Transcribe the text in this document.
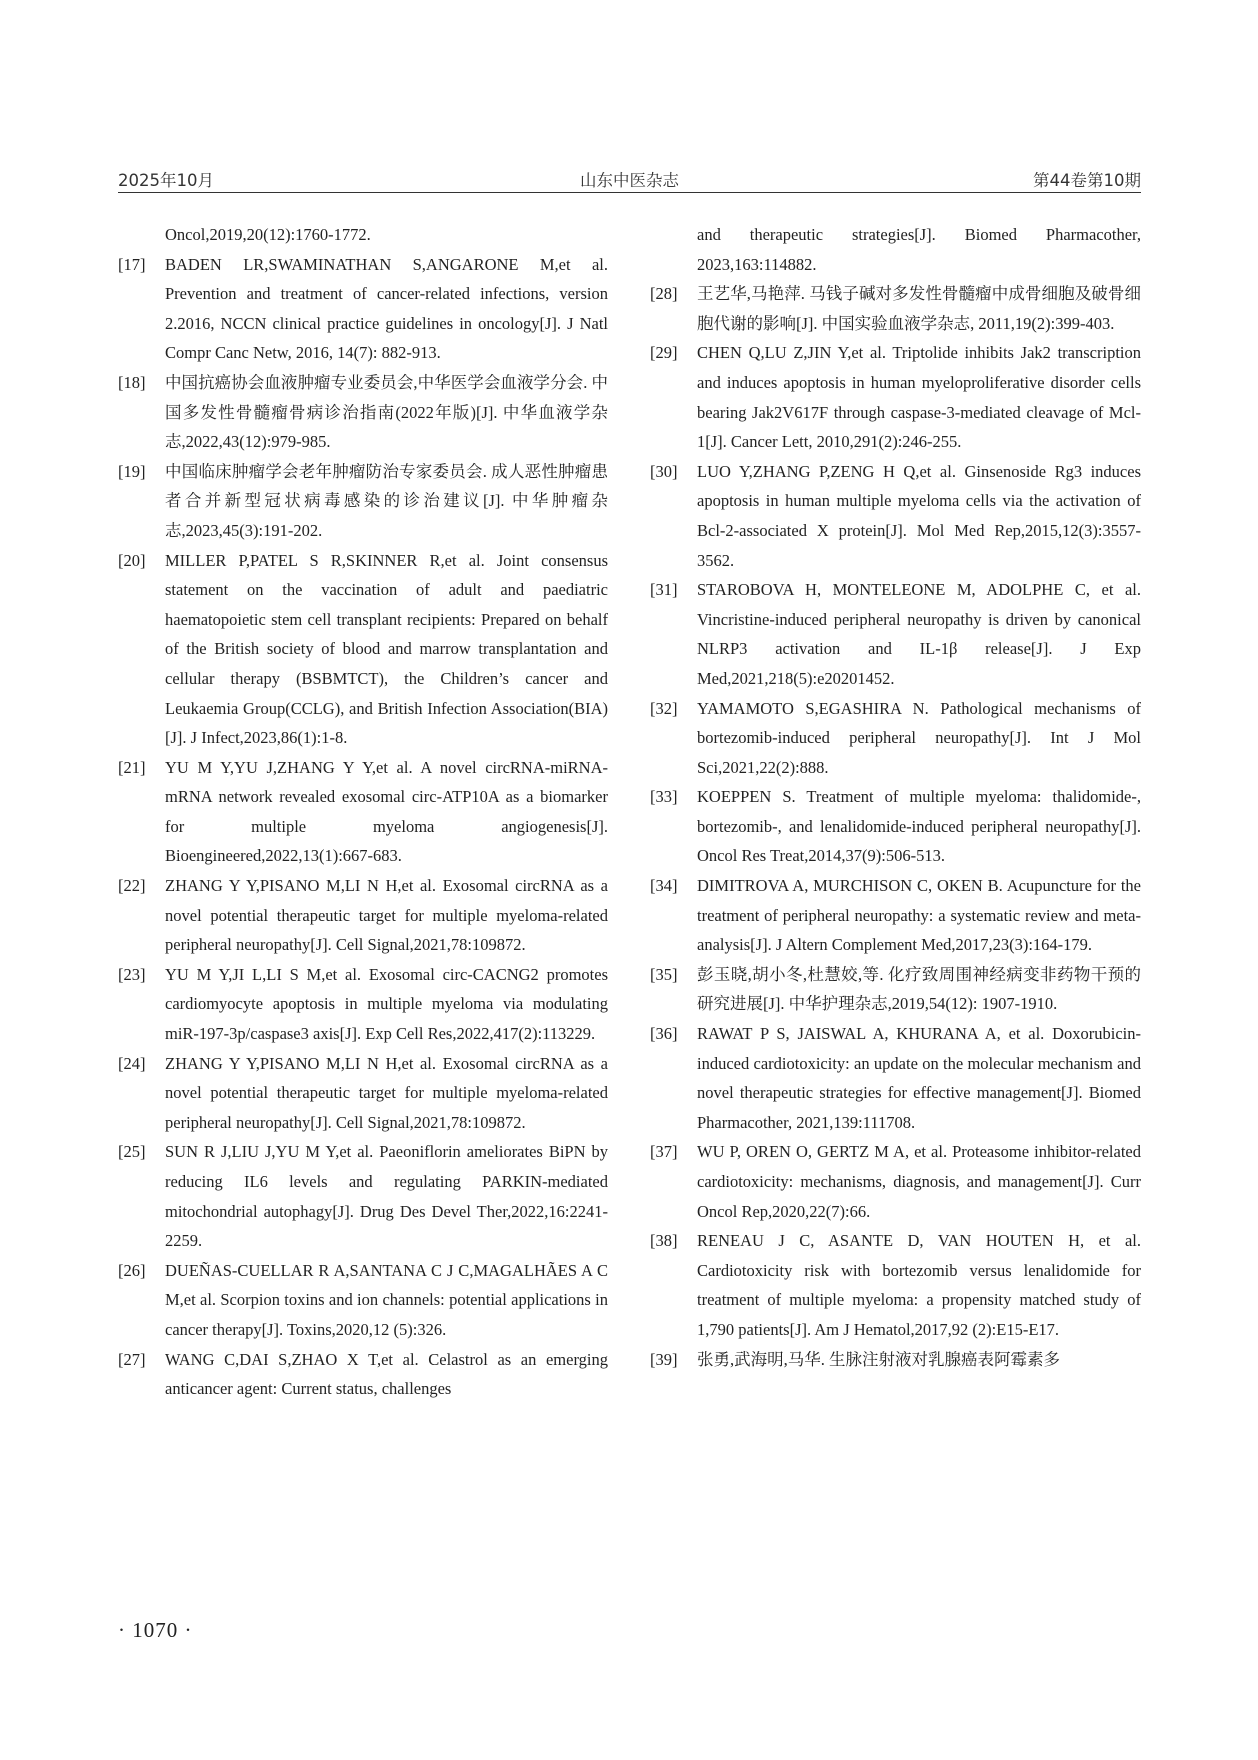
2025年10月	山东中医杂志	第44卷第10期
Oncol,2019,20(12):1760-1772.
[17] BADEN LR,SWAMINATHAN S,ANGARONE M,et al. Prevention and treatment of cancer-related infections, version 2.2016, NCCN clinical practice guidelines in oncology[J]. J Natl Compr Canc Netw, 2016, 14(7): 882-913.
[18] 中国抗癌协会血液肿瘤专业委员会,中华医学会血液学分会. 中国多发性骨髓瘤骨病诊治指南(2022年版)[J]. 中华血液学杂志,2022,43(12):979-985.
[19] 中国临床肿瘤学会老年肿瘤防治专家委员会. 成人恶性肿瘤患者合并新型冠状病毒感染的诊治建议[J]. 中华肿瘤杂志,2023,45(3):191-202.
[20] MILLER P,PATEL S R,SKINNER R,et al. Joint consensus statement on the vaccination of adult and paediatric haematopoietic stem cell transplant recipients: Prepared on behalf of the British society of blood and marrow transplantation and cellular therapy (BSBMTCT), the Children’s cancer and Leukaemia Group(CCLG), and British Infection Association(BIA) [J]. J Infect,2023,86(1):1-8.
[21] YU M Y,YU J,ZHANG Y Y,et al. A novel circRNA-miRNA-mRNA network revealed exosomal circ-ATP10A as a biomarker for multiple myeloma angiogenesis[J]. Bioengineered,2022,13(1):667-683.
[22] ZHANG Y Y,PISANO M,LI N H,et al. Exosomal circRNA as a novel potential therapeutic target for multiple myeloma-related peripheral neuropathy[J]. Cell Signal,2021,78:109872.
[23] YU M Y,JI L,LI S M,et al. Exosomal circ-CACNG2 promotes cardiomyocyte apoptosis in multiple myeloma via modulating miR-197-3p/caspase3 axis[J]. Exp Cell Res,2022,417(2):113229.
[24] ZHANG Y Y,PISANO M,LI N H,et al. Exosomal circRNA as a novel potential therapeutic target for multiple myeloma-related peripheral neuropathy[J]. Cell Signal,2021,78:109872.
[25] SUN R J,LIU J,YU M Y,et al. Paeoniflorin ameliorates BiPN by reducing IL6 levels and regulating PARKIN-mediated mitochondrial autophagy[J]. Drug Des Devel Ther,2022,16:2241-2259.
[26] DUEÑAS-CUELLAR R A,SANTANA C J C,MAGALHÃES A C M,et al. Scorpion toxins and ion channels: potential applications in cancer therapy[J]. Toxins,2020,12 (5):326.
[27] WANG C,DAI S,ZHAO X T,et al. Celastrol as an emerging anticancer agent: Current status, challenges
and therapeutic strategies[J]. Biomed Pharmacother, 2023,163:114882.
[28] 王艺华,马艳萍. 马钱子碱对多发性骨髓瘤中成骨细胞及破骨细胞代谢的影响[J]. 中国实验血液学杂志, 2011,19(2):399-403.
[29] CHEN Q,LU Z,JIN Y,et al. Triptolide inhibits Jak2 transcription and induces apoptosis in human myeloproliferative disorder cells bearing Jak2V617F through caspase-3-mediated cleavage of Mcl-1[J]. Cancer Lett, 2010,291(2):246-255.
[30] LUO Y,ZHANG P,ZENG H Q,et al. Ginsenoside Rg3 induces apoptosis in human multiple myeloma cells via the activation of Bcl-2-associated X protein[J]. Mol Med Rep,2015,12(3):3557-3562.
[31] STAROBOVA H, MONTELEONE M, ADOLPHE C, et al. Vincristine-induced peripheral neuropathy is driven by canonical NLRP3 activation and IL-1β release[J]. J Exp Med,2021,218(5):e20201452.
[32] YAMAMOTO S,EGASHIRA N. Pathological mechanisms of bortezomib-induced peripheral neuropathy[J]. Int J Mol Sci,2021,22(2):888.
[33] KOEPPEN S. Treatment of multiple myeloma: thalidomide-, bortezomib-, and lenalidomide-induced peripheral neuropathy[J]. Oncol Res Treat,2014,37(9):506-513.
[34] DIMITROVA A, MURCHISON C, OKEN B. Acupuncture for the treatment of peripheral neuropathy: a systematic review and meta-analysis[J]. J Altern Complement Med,2017,23(3):164-179.
[35] 彭玉晓,胡小冬,杜慧姣,等. 化疗致周围神经病变非药物干预的研究进展[J]. 中华护理杂志,2019,54(12): 1907-1910.
[36] RAWAT P S, JAISWAL A, KHURANA A, et al. Doxorubicin-induced cardiotoxicity: an update on the molecular mechanism and novel therapeutic strategies for effective management[J]. Biomed Pharmacother, 2021,139:111708.
[37] WU P, OREN O, GERTZ M A, et al. Proteasome inhibitor-related cardiotoxicity: mechanisms, diagnosis, and management[J]. Curr Oncol Rep,2020,22(7):66.
[38] RENEAU J C, ASANTE D, VAN HOUTEN H, et al. Cardiotoxicity risk with bortezomib versus lenalidomide for treatment of multiple myeloma: a propensity matched study of 1,790 patients[J]. Am J Hematol,2017,92 (2):E15-E17.
[39] 张勇,武海明,马华. 生脉注射液对乳腺癌表阿霉素多
· 1070 ·
